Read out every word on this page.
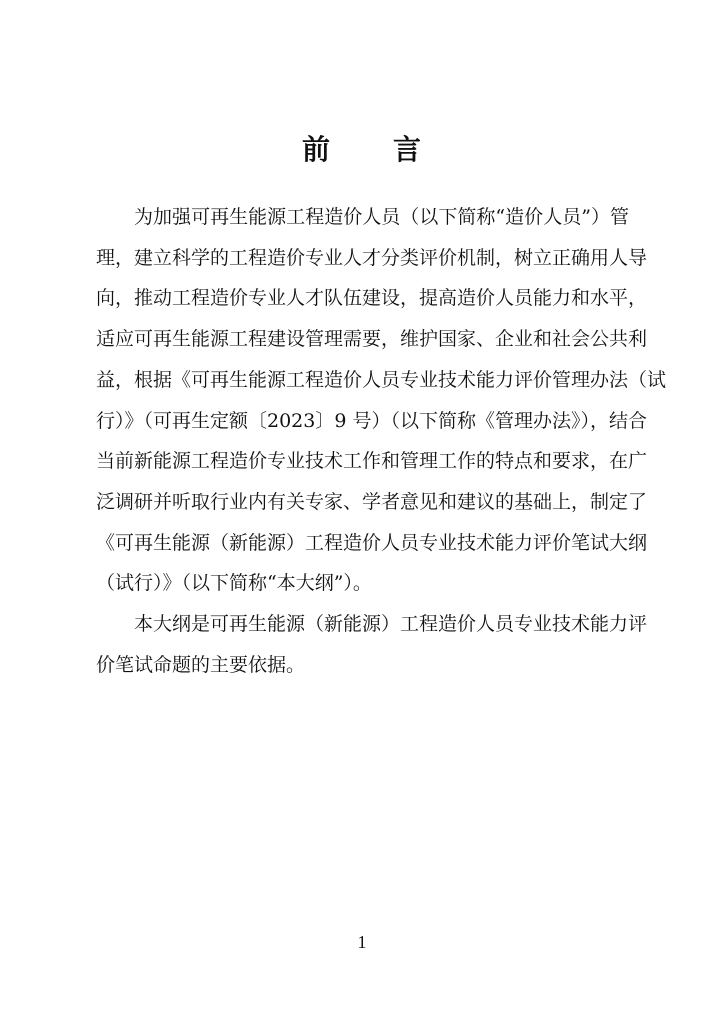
前 言
为加强可再生能源工程造价人员（以下简称“造价人员”）管
理，建立科学的工程造价专业人才分类评价机制，树立正确用人导
向，推动工程造价专业人才队伍建设，提高造价人员能力和水平，
适应可再生能源工程建设管理需要，维护国家、企业和社会公共利
益，根据《可再生能源工程造价人员专业技术能力评价管理办法（试
行）》（可再生定额〔2023〕9 号）（以下简称《管理办法》），结合
当前新能源工程造价专业技术工作和管理工作的特点和要求，在广
泛调研并听取行业内有关专家、学者意见和建议的基础上，制定了
《可再生能源（新能源）工程造价人员专业技术能力评价笔试大纲
（试行）》（以下简称“本大纲”）。
本大纲是可再生能源（新能源）工程造价人员专业技术能力评
价笔试命题的主要依据。
1
